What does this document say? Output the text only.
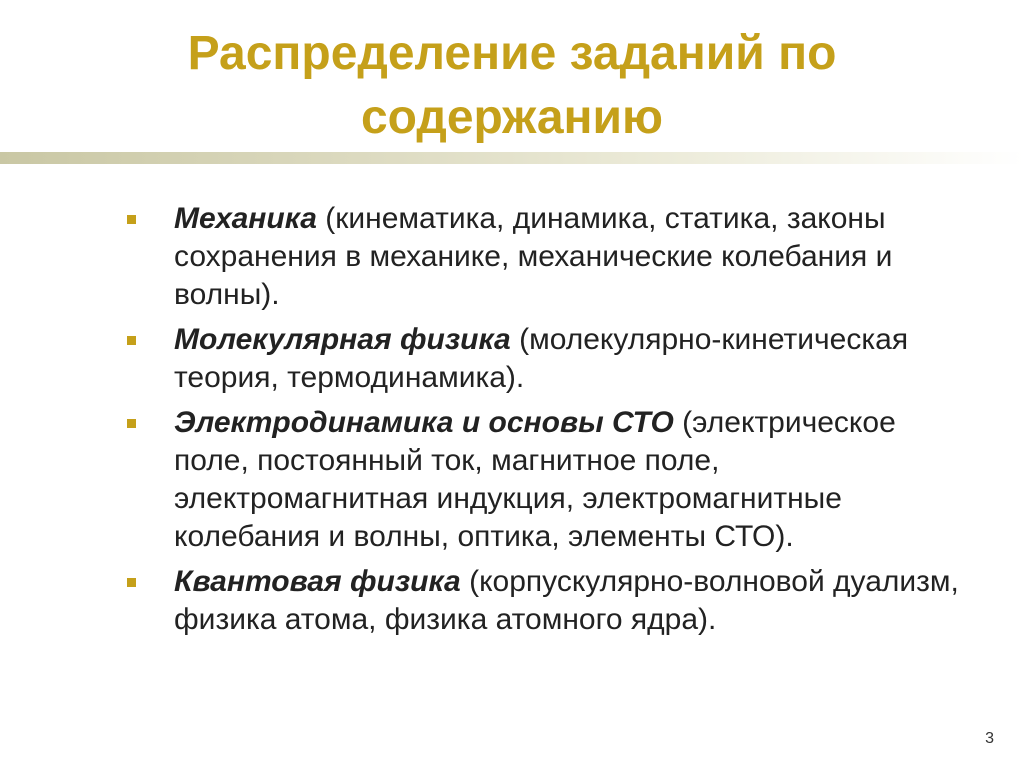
Распределение заданий по
содержанию
Механика (кинематика, динамика, статика, законы сохранения в механике, механические колебания и волны).
Молекулярная физика (молекулярно-кинетическая теория, термодинамика).
Электродинамика и основы СТО (электрическое поле, постоянный ток, магнитное поле, электромагнитная индукция, электромагнитные колебания и волны, оптика, элементы СТО).
Квантовая физика (корпускулярно-волновой дуализм, физика атома, физика атомного ядра).
3
